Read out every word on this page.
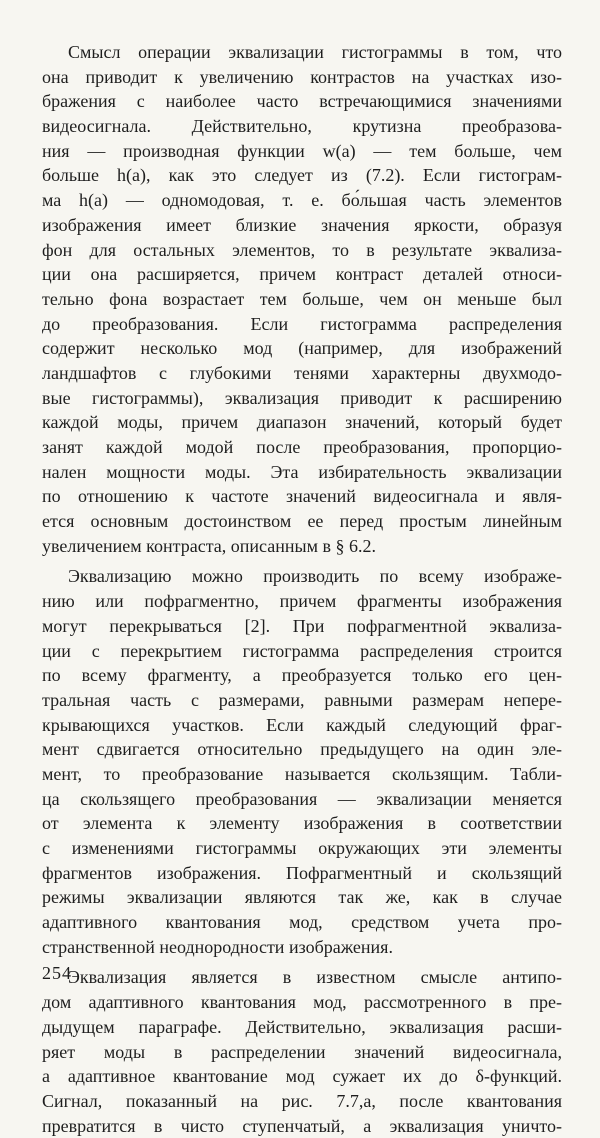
Смысл операции эквализации гистограммы в том, что
она приводит к увеличению контрастов на участках изо-
бражения с наиболее часто встречающимися значениями
видеосигнала. Действительно, крутизна преобразова-
ния — производная функции w(a) — тем больше, чем
больше h(a), как это следует из (7.2). Если гистограм-
ма h(a) — одномодовая, т. е. бо́льшая часть элементов
изображения имеет близкие значения яркости, образуя
фон для остальных элементов, то в результате эквализа-
ции она расширяется, причем контраст деталей относи-
тельно фона возрастает тем больше, чем он меньше был
до преобразования. Если гистограмма распределения
содержит несколько мод (например, для изображений
ландшафтов с глубокими тенями характерны двухмодо-
вые гистограммы), эквализация приводит к расширению
каждой моды, причем диапазон значений, который будет
занят каждой модой после преобразования, пропорцио-
нален мощности моды. Эта избирательность эквализации
по отношению к частоте значений видеосигнала и явля-
ется основным достоинством ее перед простым линейным
увеличением контраста, описанным в § 6.2.
Эквализацию можно производить по всему изображе-
нию или пофрагментно, причем фрагменты изображения
могут перекрываться [2]. При пофрагментной эквализа-
ции с перекрытием гистограмма распределения строится
по всему фрагменту, а преобразуется только его цен-
тральная часть с размерами, равными размерам непере-
крывающихся участков. Если каждый следующий фраг-
мент сдвигается относительно предыдущего на один эле-
мент, то преобразование называется скользящим. Табли-
ца скользящего преобразования — эквализации меняется
от элемента к элементу изображения в соответствии
с изменениями гистограммы окружающих эти элементы
фрагментов изображения. Пофрагментный и скользящий
режимы эквализации являются так же, как в случае
адаптивного квантования мод, средством учета про-
странственной неоднородности изображения.
Эквализация является в известном смысле антипо-
дом адаптивного квантования мод, рассмотренного в пре-
дыдущем параграфе. Действительно, эквализация расши-
ряет моды в распределении значений видеосигнала,
а адаптивное квантование мод сужает их до δ-функций.
Сигнал, показанный на рис. 7.7,a, после квантования
превратится в чисто ступенчатый, а эквализация уничто-
254
